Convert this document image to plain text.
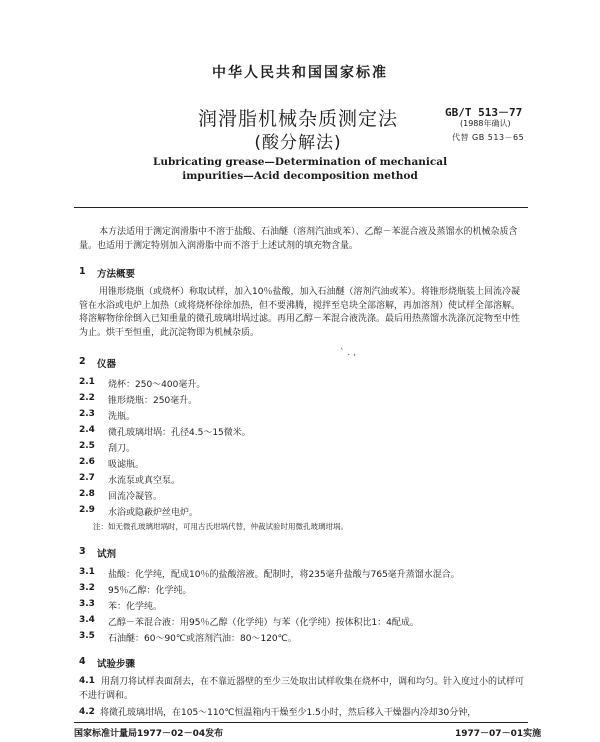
中华人民共和国国家标准
润滑脂机械杂质测定法
(酸分解法)
GB/T 513－77
(1988年确认)
代替 GB 513－65
Lubricating grease—Determination of mechanical
impurities—Acid decomposition method
本方法适用于测定润滑脂中不溶于盐酸、石油醚（溶剂汽油或苯）、乙醇－苯混合液及蒸馏水的机械杂质含量。也适用于测定特别加入润滑脂中而不溶于上述试剂的填充物含量。
1 方法概要
用锥形烧瓶（或烧杯）称取试样，加入10％盐酸，加入石油醚（溶剂汽油或苯）。将锥形烧瓶装上回流冷凝管在水浴或电炉上加热（或将烧杯徐徐加热，但不要沸腾，搅拌至皂块全部溶解，再加溶剂）使试样全部溶解。将溶解物徐徐倒入已知重量的微孔玻璃坩埚过滤。再用乙醇－苯混合液洗涤。最后用热蒸馏水洗涤沉淀物至中性为止。烘干至恒重，此沉淀物即为机械杂质。
` . ,
2 仪器
2.1 烧杯：250～400毫升。
2.2 锥形烧瓶：250毫升。
2.3 洗瓶。
2.4 微孔玻璃坩埚：孔径4.5～15微米。
2.5 刮刀。
2.6 吸滤瓶。
2.7 水流泵或真空泵。
2.8 回流冷凝管。
2.9 水浴或隐蔽炉丝电炉。
注：如无微孔玻璃坩埚时，可用古氏坩埚代替，仲裁试验时用微孔玻璃坩埚。
3 试剂
3.1 盐酸：化学纯，配成10％的盐酸溶液。配制时，将235毫升盐酸与765毫升蒸馏水混合。
3.2 95％乙醇：化学纯。
3.3 苯：化学纯。
3.4 乙醇－苯混合液：用95％乙醇（化学纯）与苯（化学纯）按体积比1：4配成。
3.5 石油醚：60～90℃或溶剂汽油：80～120℃。
4 试验步骤
4.1 用刮刀将试样表面刮去，在不靠近器壁的至少三处取出试样收集在烧杯中，调和均匀。针入度过小的试样可不进行调和。
4.2 将微孔玻璃坩埚，在105～110℃恒温箱内干燥至少1.5小时，然后移入干燥器内冷却30分钟，
国家标准计量局1977－02－04发布	1977－07－01实施
